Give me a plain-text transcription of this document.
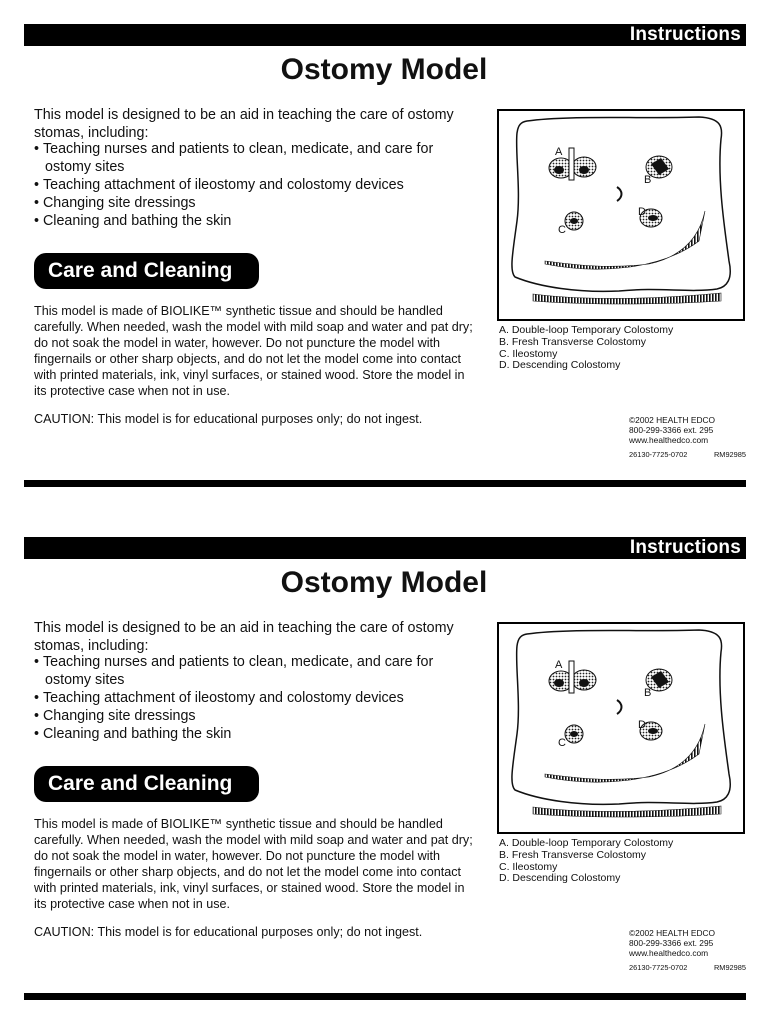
Instructions
Ostomy Model

This model is designed to be an aid in teaching the care of ostomy stomas, including:

• Teaching nurses and patients to clean, medicate, and care for ostomy sites
• Teaching attachment of ileostomy and colostomy devices
• Changing site dressings
• Cleaning and bathing the skin
Care and Cleaning

This model is made of BIOLIKE™ synthetic tissue and should be handled carefully. When needed, wash the model with mild soap and water and pat dry; do not soak the model in water, however. Do not puncture the model with fingernails or other sharp objects, and do not let the model come into contact with printed materials, ink, vinyl surfaces, or stained wood. Store the model in its protective case when not in use.

CAUTION: This model is for educational purposes only; do not ingest.

A
B
C
D
A. Double-loop Temporary Colostomy
B. Fresh Transverse Colostomy
C. Ileostomy
D. Descending Colostomy
©2002 HEALTH EDCO
800-299-3366 ext. 295
www.healthedco.com
26130-7725-0702	RM92985
Instructions
Ostomy Model

This model is designed to be an aid in teaching the care of ostomy stomas, including:

• Teaching nurses and patients to clean, medicate, and care for ostomy sites
• Teaching attachment of ileostomy and colostomy devices
• Changing site dressings
• Cleaning and bathing the skin
Care and Cleaning

This model is made of BIOLIKE™ synthetic tissue and should be handled carefully. When needed, wash the model with mild soap and water and pat dry; do not soak the model in water, however. Do not puncture the model with fingernails or other sharp objects, and do not let the model come into contact with printed materials, ink, vinyl surfaces, or stained wood. Store the model in its protective case when not in use.

CAUTION: This model is for educational purposes only; do not ingest.

A
B
C
D
A. Double-loop Temporary Colostomy
B. Fresh Transverse Colostomy
C. Ileostomy
D. Descending Colostomy
©2002 HEALTH EDCO
800-299-3366 ext. 295
www.healthedco.com
26130-7725-0702	RM92985
